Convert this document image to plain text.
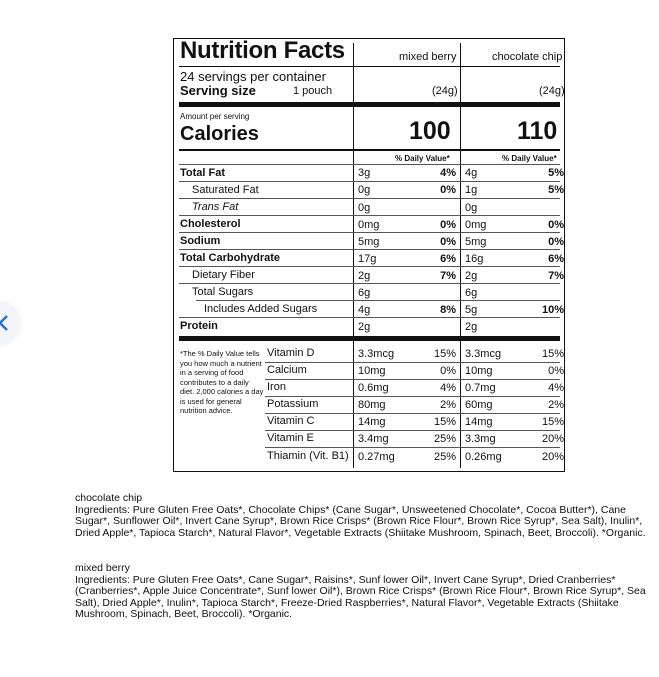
Nutrition Facts	mixed berry	chocolate chip
24 servings per container
Serving size	1 pouch	(24g)	(24g)
Amount per serving
Calories	100	110
% Daily Value*	% Daily Value*
Total Fat	3g	4% 4g	5%
Saturated Fat	0g	0% 1g	5%
Trans Fat	0g	0g
Cholesterol	0mg	0% 0mg	0%
Sodium	5mg	0% 5mg	0%
Total Carbohydrate	17g	6% 16g	6%
Dietary Fiber	2g	7% 2g	7%
Total Sugars	6g	6g
Includes Added Sugars	4g	8% 5g	10%
Protein	2g	2g
*The % Daily Value tells you how much a nutrient in a serving of food contributes to a daily diet. 2,000 calories a day is used for general nutrition advice.
Vitamin D	3.3mcg	15% 3.3mcg	15%
Calcium	10mg	0% 10mg	0%
Iron	0.6mg	4% 0.7mg	4%
Potassium	80mg	2% 60mg	2%
Vitamin C	14mg	15% 14mg	15%
Vitamin E	3.4mg	25% 3.3mg	20%
Thiamin (Vit. B1) 0.27mg	25% 0.26mg	20%
chocolate chip
Ingredients: Pure Gluten Free Oats*, Chocolate Chips* (Cane Sugar*, Unsweetened Chocolate*, Cocoa Butter*), Cane Sugar*, Sunflower Oil*, Invert Cane Syrup*, Brown Rice Crisps* (Brown Rice Flour*, Brown Rice Syrup*, Sea Salt), Inulin*, Dried Apple*, Tapioca Starch*, Natural Flavor*, Vegetable Extracts (Shiitake Mushroom, Spinach, Beet, Broccoli). *Organic.
mixed berry
Ingredients: Pure Gluten Free Oats*, Cane Sugar*, Raisins*, Sunf lower Oil*, Invert Cane Syrup*, Dried Cranberries* (Cranberries*, Apple Juice Concentrate*, Sunf lower Oil*), Brown Rice Crisps* (Brown Rice Flour*, Brown Rice Syrup*, Sea Salt), Dried Apple*, Inulin*, Tapioca Starch*, Freeze-Dried Raspberries*, Natural Flavor*, Vegetable Extracts (Shiitake Mushroom, Spinach, Beet, Broccoli). *Organic.
